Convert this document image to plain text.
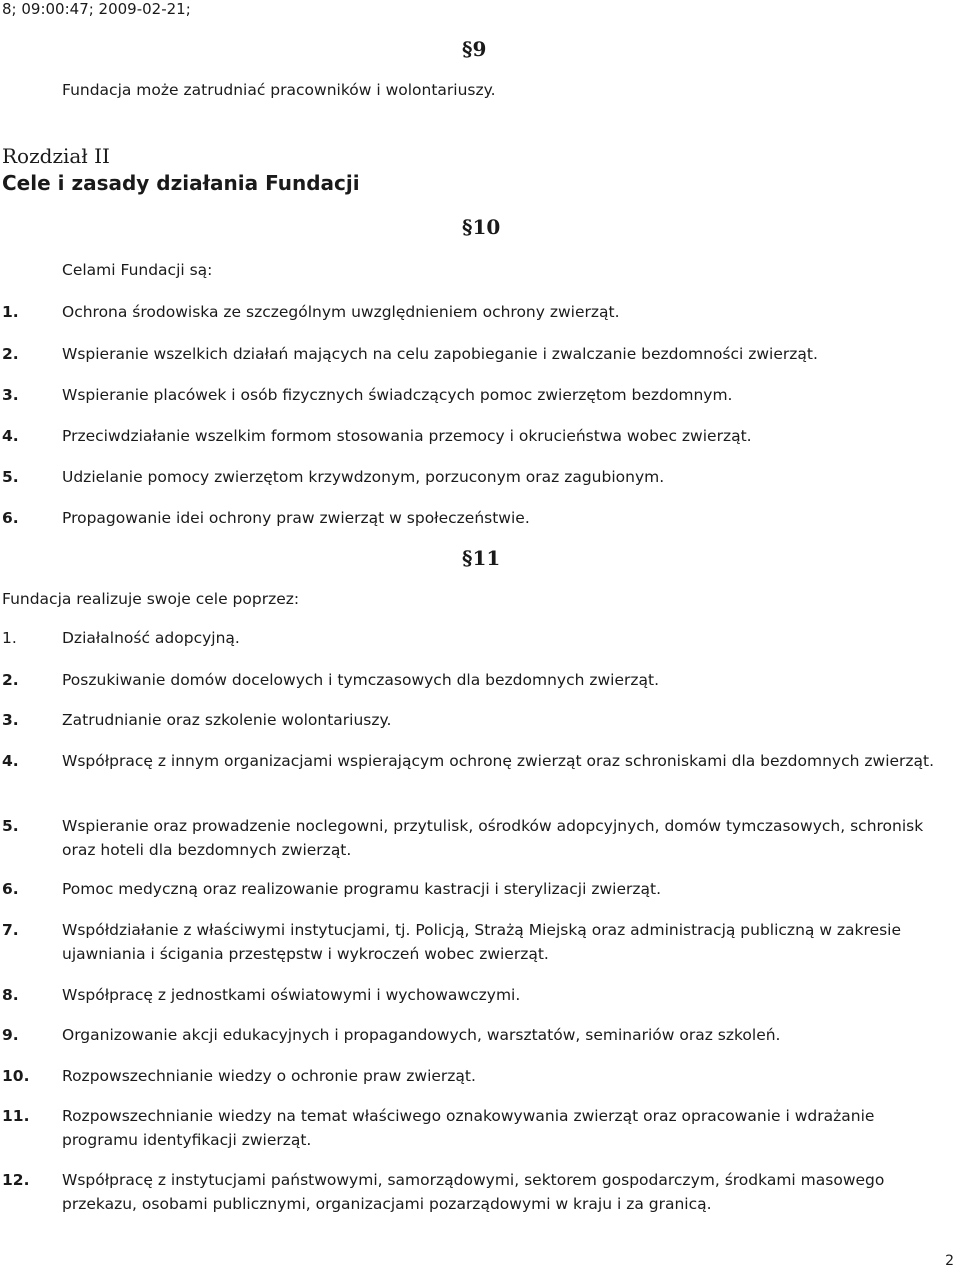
8; 09:00:47; 2009-02-21;
§9
Fundacja może zatrudniać pracowników i wolontariuszy.
Rozdział II
Cele i zasady działania Fundacji
§10
Celami Fundacji są:
1.	Ochrona środowiska ze szczególnym uwzględnieniem ochrony zwierząt.
2.	Wspieranie wszelkich działań mających na celu zapobieganie i zwalczanie bezdomności zwierząt.
3.	Wspieranie placówek i osób fizycznych świadczących pomoc zwierzętom bezdomnym.
4.	Przeciwdziałanie wszelkim formom stosowania przemocy i okrucieństwa wobec zwierząt.
5.	Udzielanie pomocy zwierzętom krzywdzonym, porzuconym oraz zagubionym.
6.	Propagowanie idei ochrony praw zwierząt w społeczeństwie.
§11
Fundacja realizuje swoje cele poprzez:
1.	Działalność adopcyjną.
2.	Poszukiwanie domów docelowych i tymczasowych dla bezdomnych zwierząt.
3.	Zatrudnianie oraz szkolenie wolontariuszy.
4.	Współpracę z innym organizacjami wspierającym ochronę zwierząt oraz schroniskami dla bezdomnych zwierząt.
5.	Wspieranie oraz prowadzenie noclegowni, przytulisk, ośrodków adopcyjnych, domów tymczasowych, schronisk oraz hoteli dla bezdomnych zwierząt.
6.	Pomoc medyczną oraz realizowanie programu kastracji i sterylizacji zwierząt.
7.	Współdziałanie z właściwymi instytucjami, tj. Policją, Strażą Miejską oraz administracją publiczną w zakresie ujawniania i ścigania przestępstw i wykroczeń wobec zwierząt.
8.	Współpracę z jednostkami oświatowymi i wychowawczymi.
9.	Organizowanie akcji edukacyjnych i propagandowych, warsztatów, seminariów oraz szkoleń.
10. Rozpowszechnianie wiedzy o ochronie praw zwierząt.
11. Rozpowszechnianie wiedzy na temat właściwego oznakowywania zwierząt oraz opracowanie i wdrażanie programu identyfikacji zwierząt.
12. Współpracę z instytucjami państwowymi, samorządowymi, sektorem gospodarczym, środkami masowego przekazu, osobami publicznymi, organizacjami pozarządowymi w kraju i za granicą.
2
